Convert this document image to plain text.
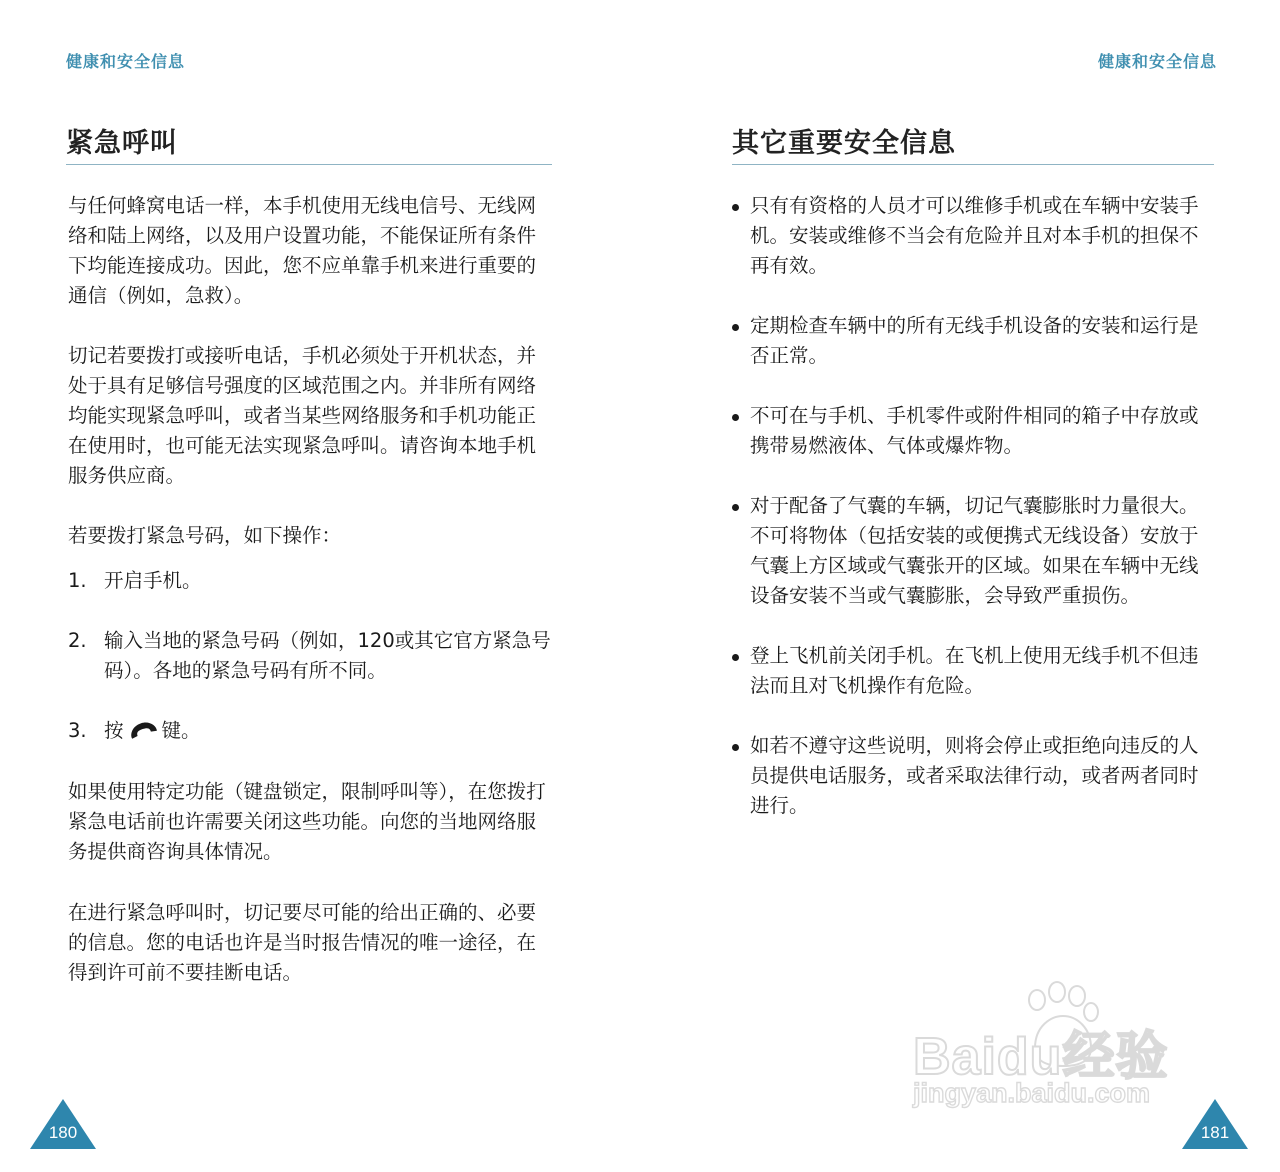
健康和安全信息
紧急呼叫

与任何蜂窝电话一样，本手机使用无线电信号、无线网络和陆上网络，以及用户设置功能，不能保证所有条件下均能连接成功。因此，您不应单靠手机来进行重要的通信（例如，急救）。

切记若要拨打或接听电话，手机必须处于开机状态，并处于具有足够信号强度的区域范围之内。并非所有网络均能实现紧急呼叫，或者当某些网络服务和手机功能正在使用时，也可能无法实现紧急呼叫。请咨询本地手机服务供应商。

若要拨打紧急号码，如下操作：

1. 开启手机。

2. 输入当地的紧急号码（例如，120或其它官方紧急号码）。各地的紧急号码有所不同。

3. 按 键。

如果使用特定功能（键盘锁定，限制呼叫等），在您拨打紧急电话前也许需要关闭这些功能。向您的当地网络服务提供商咨询具体情况。

在进行紧急呼叫时，切记要尽可能的给出正确的、必要的信息。您的电话也许是当时报告情况的唯一途径，在得到许可前不要挂断电话。

180
健康和安全信息
其它重要安全信息

只有有资格的人员才可以维修手机或在车辆中安装手机。安装或维修不当会有危险并且对本手机的担保不再有效。

定期检查车辆中的所有无线手机设备的安装和运行是否正常。

不可在与手机、手机零件或附件相同的箱子中存放或携带易燃液体、气体或爆炸物。

对于配备了气囊的车辆，切记气囊膨胀时力量很大。不可将物体（包括安装的或便携式无线设备）安放于气囊上方区域或气囊张开的区域。如果在车辆中无线设备安装不当或气囊膨胀，会导致严重损伤。

登上飞机前关闭手机。在飞机上使用无线手机不但违法而且对飞机操作有危险。

如若不遵守这些说明，则将会停止或拒绝向违反的人员提供电话服务，或者采取法律行动，或者两者同时进行。

181
Baidu经验
jingyan.baidu.com
